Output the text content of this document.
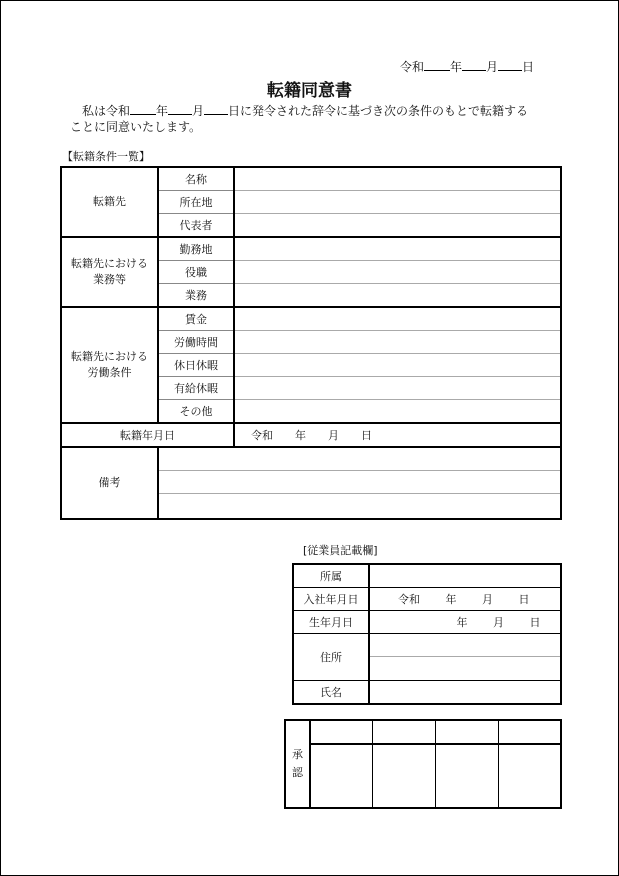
令和 年 月 日
転籍同意書
私は令和 年 月 日に発令された辞令に基づき次の条件のもとで転籍する
ことに同意いたします。
【転籍条件一覧】
転籍先	名称	
	所在地	
	代表者	
転籍先における
業務等	勤務地	
	役職	
	業務	
転籍先における
労働条件	賃金	
	労働時間	
	休日休暇	
	有給休暇	
	その他	
転籍年月日		令和　　年　　月　　日
備考		
[従業員記載欄]
所属	
入社年月日	令和　　 年　　 月　　 日
生年月日	　　　　　 年　　 月　　 日
住所	

氏名	
承
認				
